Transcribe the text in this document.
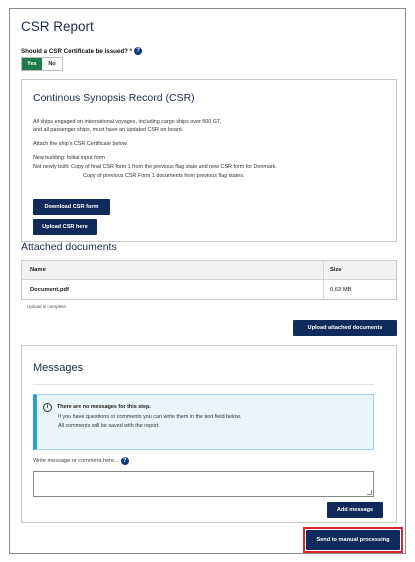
CSR Report
Should a CSR Certificate be issued? * ?
Yes	No
Continous Synopsis Record (CSR)
All ships engaged on international voyages, including cargo ships over 500 GT,
and all passenger ships, must have an updated CSR on board.
Attach the ship's CSR Certificate below.
New building: Initial input form
Not newly built: Copy of final CSR form 1 from the previous flag state and new CSR form for Denmark.
Copy of previous CSR Form 1 documents from previous flag states.
Download CSR form
Upload CSR here
Attached documents
Name	Size
Document.pdf	0,63 MB
Upload is complete.
Upload attached documents
Messages
i	There are no messages for this step.
If you have questions or comments you can write them in the text field below.
All comments will be saved with the report.
Write message or comment here... ?
Add message
Send to manual processing
